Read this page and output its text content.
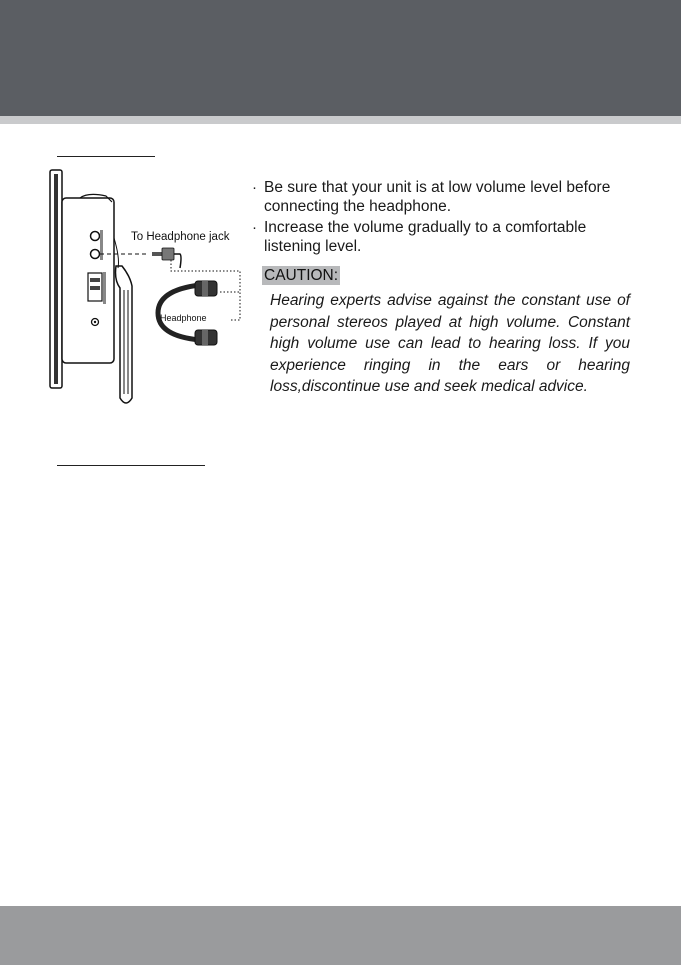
To Headphone jack
Headphone
· Be sure that your unit is at low volume level before connecting the headphone.
· Increase the volume gradually to a comfortable listening level.
CAUTION:

Hearing experts advise against the constant use of personal stereos played at high volume. Constant high volume use can lead to hearing loss. If you experience ringing in the ears or hearing loss,discontinue use and seek medical advice.
